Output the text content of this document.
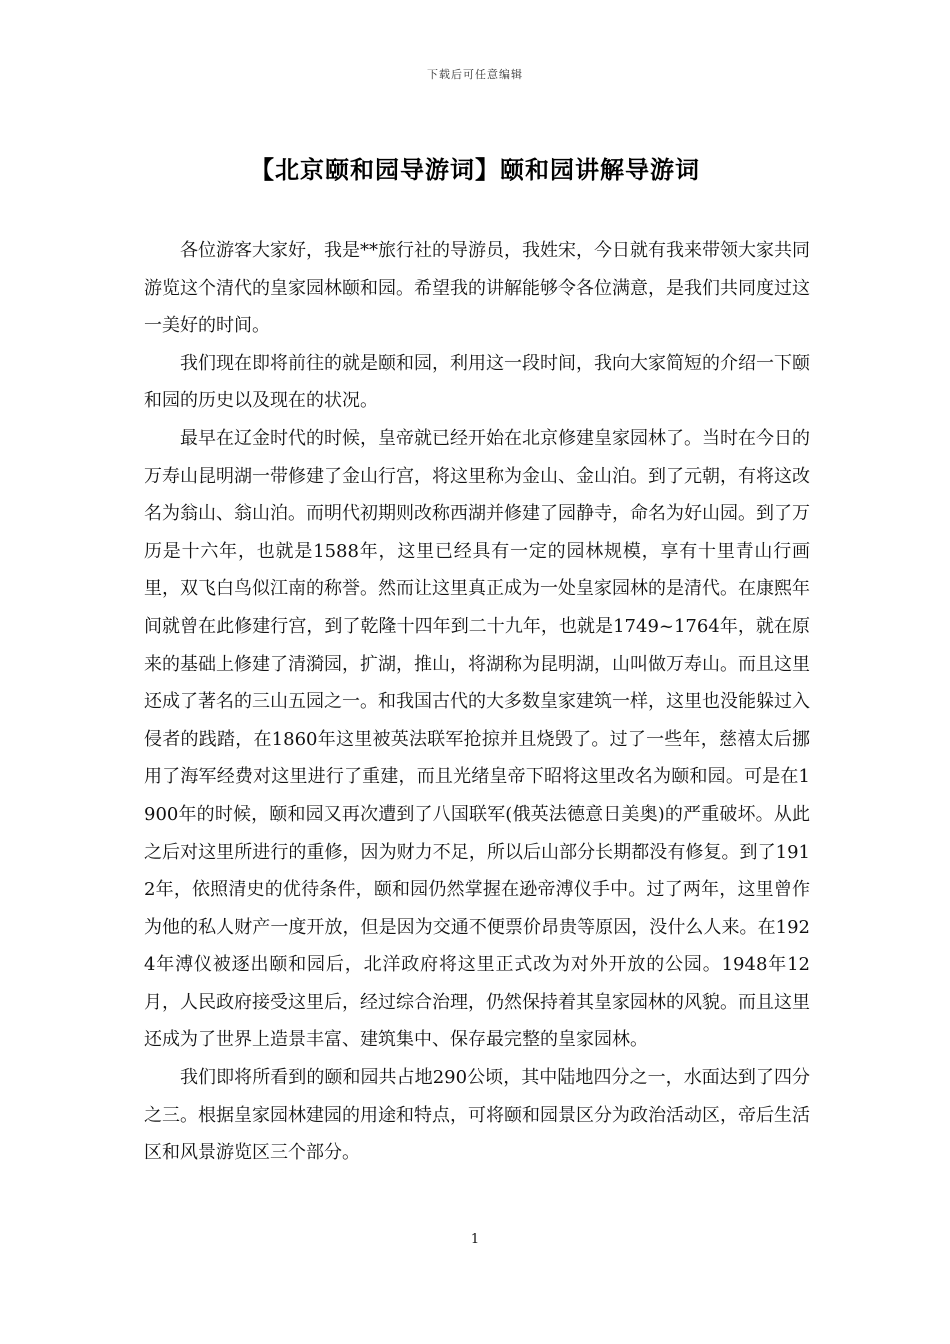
下载后可任意编辑
【北京颐和园导游词】颐和园讲解导游词

各位游客大家好，我是**旅行社的导游员，我姓宋，今日就有我来带领大家共同游览这个清代的皇家园林颐和园。希望我的讲解能够令各位满意，是我们共同度过这一美好的时间。

我们现在即将前往的就是颐和园，利用这一段时间，我向大家简短的介绍一下颐和园的历史以及现在的状况。

最早在辽金时代的时候，皇帝就已经开始在北京修建皇家园林了。当时在今日的万寿山昆明湖一带修建了金山行宫，将这里称为金山、金山泊。到了元朝，有将这改名为翁山、翁山泊。而明代初期则改称西湖并修建了园静寺，命名为好山园。到了万历是十六年，也就是1588年，这里已经具有一定的园林规模，享有十里青山行画里，双飞白鸟似江南的称誉。然而让这里真正成为一处皇家园林的是清代。在康熙年间就曾在此修建行宫，到了乾隆十四年到二十九年，也就是1749~1764年，就在原来的基础上修建了清漪园，扩湖，推山，将湖称为昆明湖，山叫做万寿山。而且这里还成了著名的三山五园之一。和我国古代的大多数皇家建筑一样，这里也没能躲过入侵者的践踏，在1860年这里被英法联军抢掠并且烧毁了。过了一些年，慈禧太后挪用了海军经费对这里进行了重建，而且光绪皇帝下昭将这里改名为颐和园。可是在1900年的时候，颐和园又再次遭到了八国联军(俄英法德意日美奥)的严重破坏。从此之后对这里所进行的重修，因为财力不足，所以后山部分长期都没有修复。到了1912年，依照清史的优待条件，颐和园仍然掌握在逊帝溥仪手中。过了两年，这里曾作为他的私人财产一度开放，但是因为交通不便票价昂贵等原因，没什么人来。在1924年溥仪被逐出颐和园后，北洋政府将这里正式改为对外开放的公园。1948年12月，人民政府接受这里后，经过综合治理，仍然保持着其皇家园林的风貌。而且这里还成为了世界上造景丰富、建筑集中、保存最完整的皇家园林。

我们即将所看到的颐和园共占地290公顷，其中陆地四分之一，水面达到了四分之三。根据皇家园林建园的用途和特点，可将颐和园景区分为政治活动区，帝后生活区和风景游览区三个部分。

1
